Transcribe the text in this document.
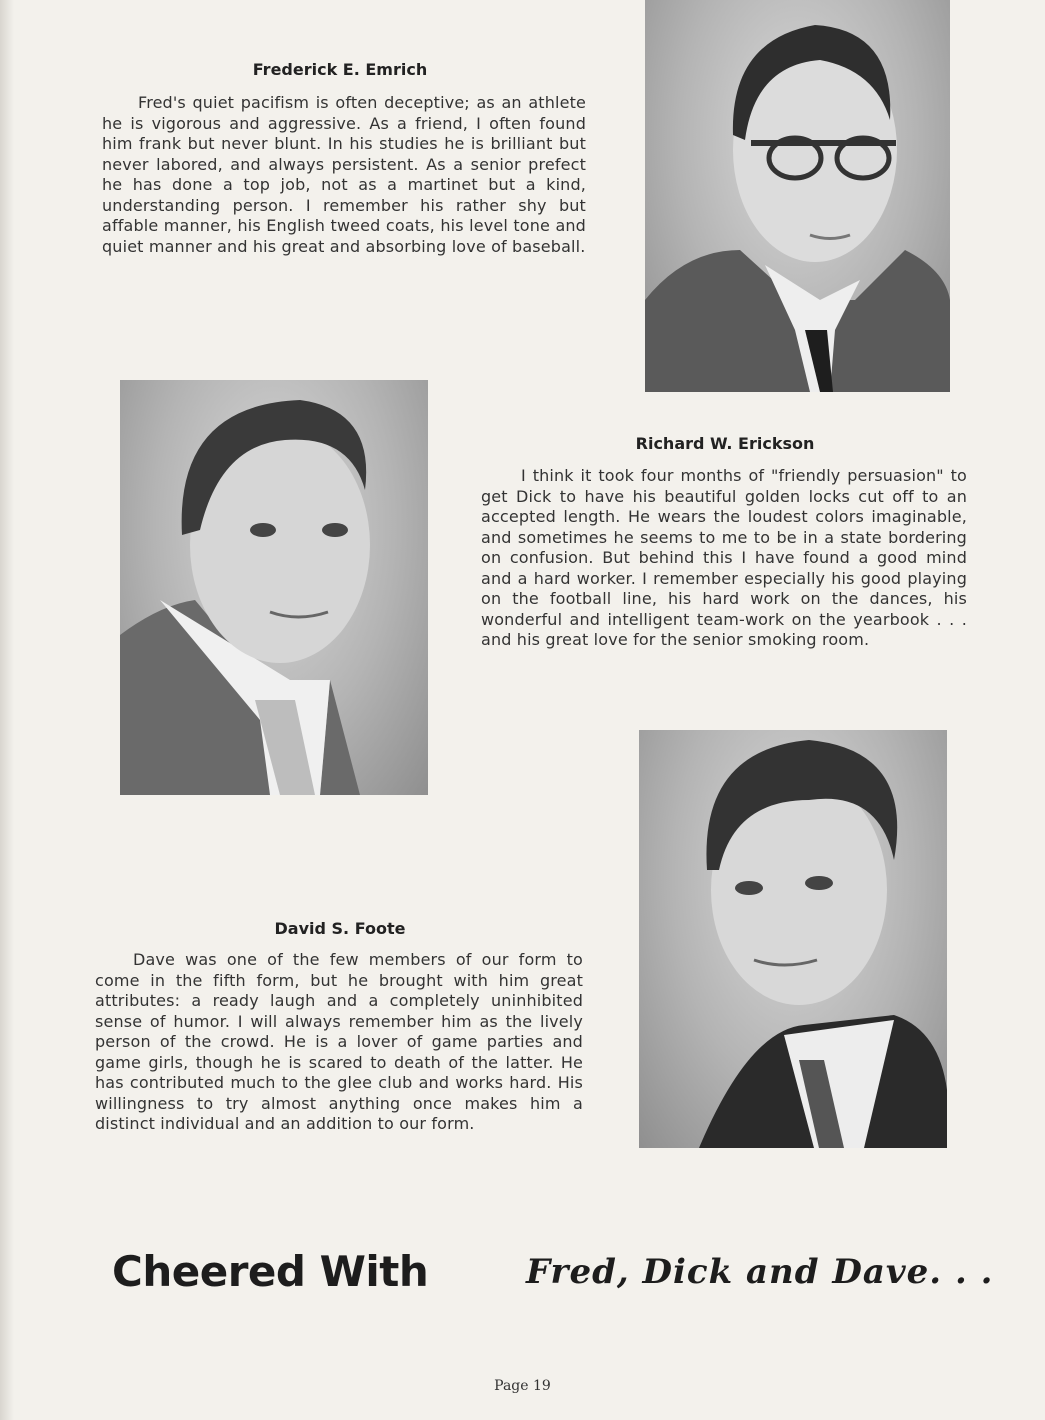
Frederick E. Emrich

Fred's quiet pacifism is often deceptive; as an athlete he is vigorous and aggressive. As a friend, I often found him frank but never blunt. In his studies he is brilliant but never labored, and always persistent. As a senior prefect he has done a top job, not as a martinet but a kind, understanding person. I remember his rather shy but affable manner, his English tweed coats, his level tone and quiet manner and his great and absorbing love of baseball.

Richard W. Erickson

I think it took four months of "friendly persuasion" to get Dick to have his beautiful golden locks cut off to an accepted length. He wears the loudest colors imaginable, and sometimes he seems to me to be in a state bordering on confusion. But behind this I have found a good mind and a hard worker. I remember especially his good playing on the football line, his hard work on the dances, his wonderful and intelligent team-work on the yearbook . . . and his great love for the senior smoking room.

David S. Foote

Dave was one of the few members of our form to come in the fifth form, but he brought with him great attributes: a ready laugh and a completely uninhibited sense of humor. I will always remember him as the lively person of the crowd. He is a lover of game parties and game girls, though he is scared to death of the latter. He has contributed much to the glee club and works hard. His willingness to try almost anything once makes him a distinct individual and an addition to our form.

Cheered With	Fred, Dick and Dave. . .

Page 19
